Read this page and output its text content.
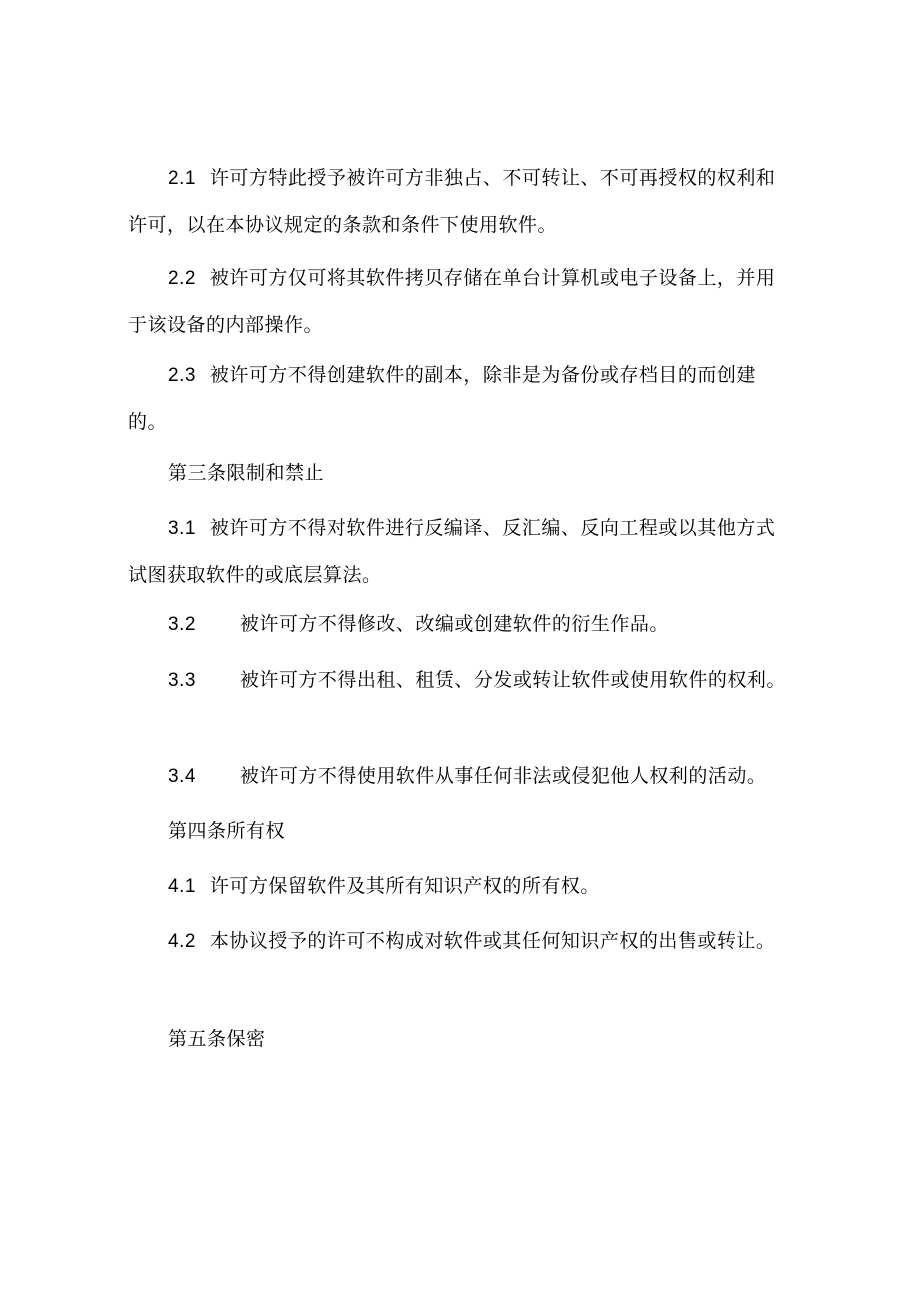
2.1 许可方特此授予被许可方非独占、不可转让、不可再授权的权利和许可，以在本协议规定的条款和条件下使用软件。
2.2 被许可方仅可将其软件拷贝存储在单台计算机或电子设备上，并用于该设备的内部操作。
2.3 被许可方不得创建软件的副本，除非是为备份或存档目的而创建的。
第三条限制和禁止
3.1 被许可方不得对软件进行反编译、反汇编、反向工程或以其他方式试图获取软件的或底层算法。
3.2 被许可方不得修改、改编或创建软件的衍生作品。
3.3 被许可方不得出租、租赁、分发或转让软件或使用软件的权利。
3.4 被许可方不得使用软件从事任何非法或侵犯他人权利的活动。
第四条所有权
4.1 许可方保留软件及其所有知识产权的所有权。
4.2 本协议授予的许可不构成对软件或其任何知识产权的出售或转让。
第五条保密
